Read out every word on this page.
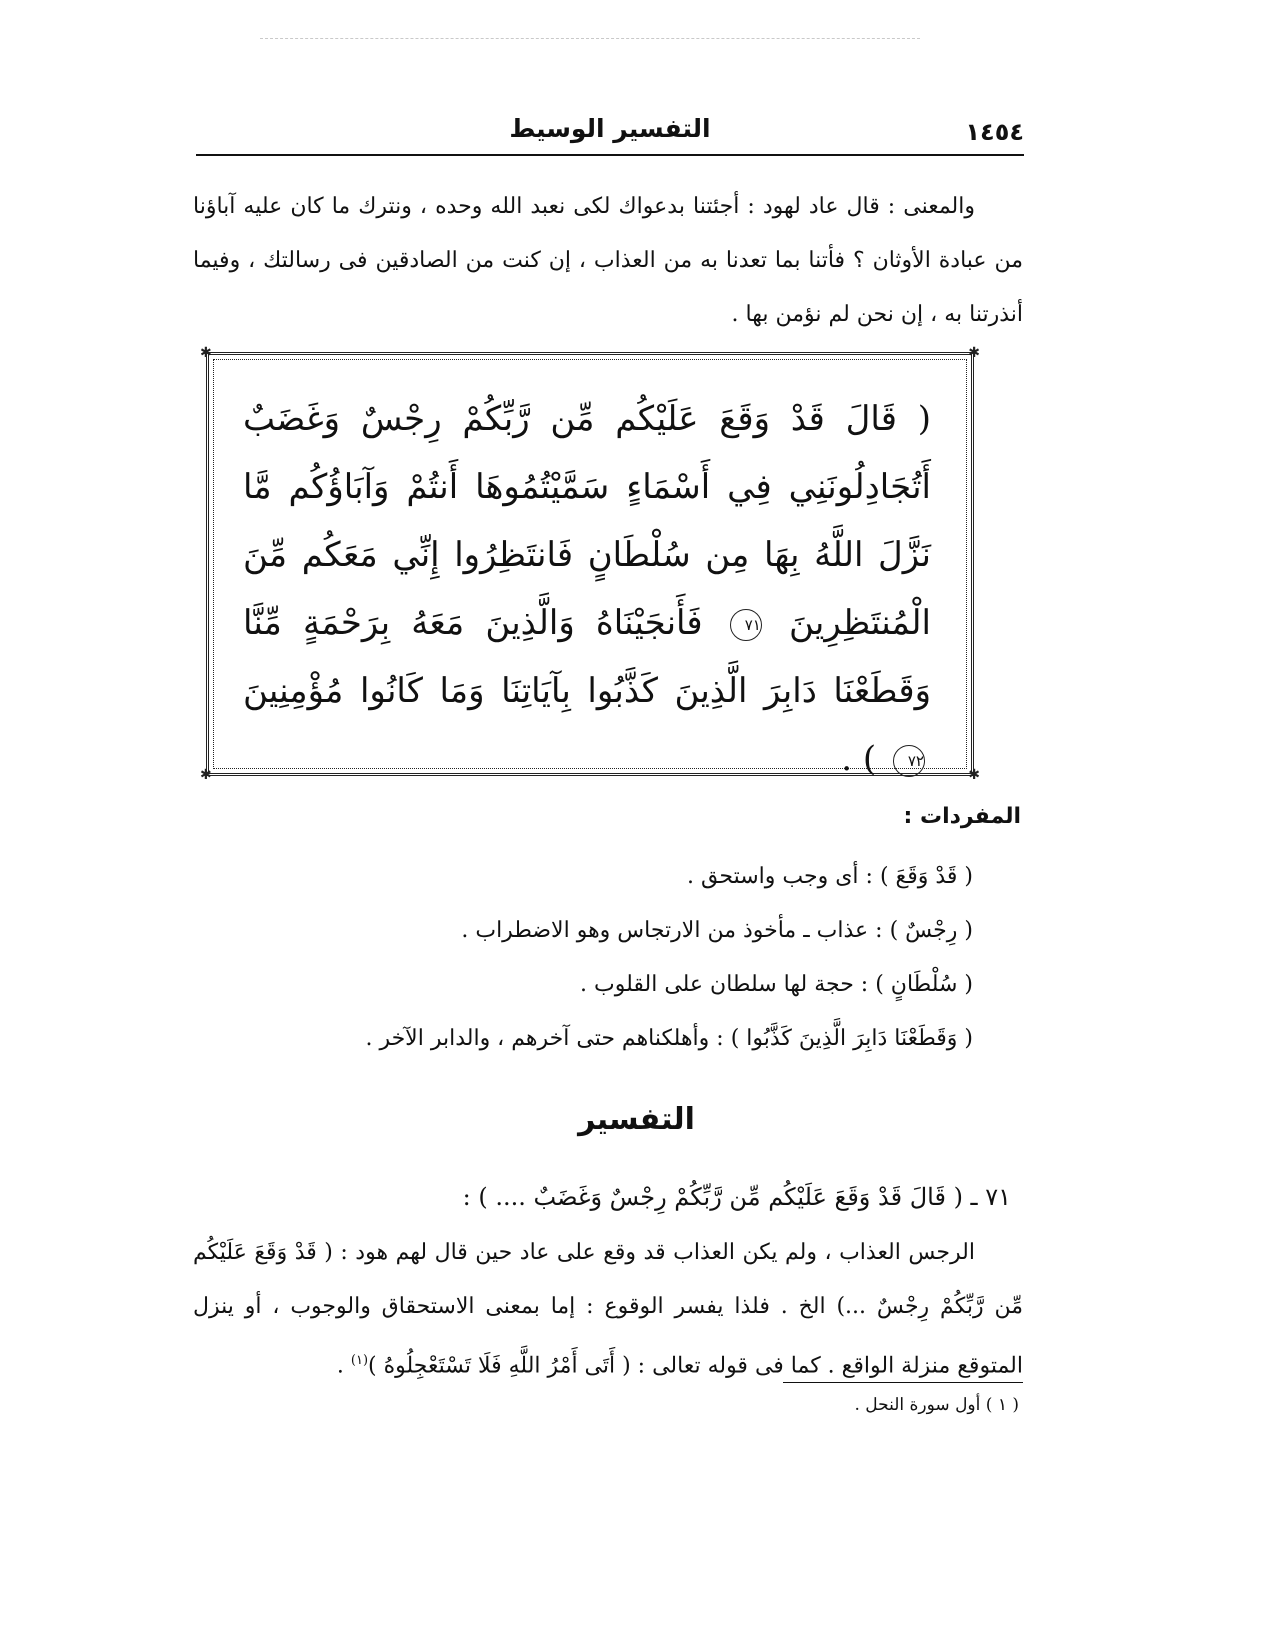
١٤٥٤
التفسير الوسيط

والمعنى : قال عاد لهود : أجئتنا بدعواك لكى نعبد الله وحده ، ونترك ما كان عليه آباؤنا من عبادة الأوثان ؟ فأتنا بما تعدنا به من العذاب ، إن كنت من الصادقين فى رسالتك ، وفيما أنذرتنا به ، إن نحن لم نؤمن بها .

✱	✱
✱	✱
( قَالَ قَدْ وَقَعَ عَلَيْكُم مِّن رَّبِّكُمْ رِجْسٌ وَغَضَبٌ أَتُجَادِلُونَنِي فِي أَسْمَاءٍ سَمَّيْتُمُوهَا أَنتُمْ وَآبَاؤُكُم مَّا نَزَّلَ اللَّهُ بِهَا مِن سُلْطَانٍ فَانتَظِرُوا إِنِّي مَعَكُم مِّنَ الْمُنتَظِرِينَ ٧١ فَأَنجَيْنَاهُ وَالَّذِينَ مَعَهُ بِرَحْمَةٍ مِّنَّا وَقَطَعْنَا دَابِرَ الَّذِينَ كَذَّبُوا بِآيَاتِنَا وَمَا كَانُوا مُؤْمِنِينَ ٧٢ ) .
المفردات :
( قَدْ وَقَعَ ) : أى وجب واستحق .
( رِجْسٌ ) : عذاب ـ مأخوذ من الارتجاس وهو الاضطراب .
( سُلْطَانٍ ) : حجة لها سلطان على القلوب .
( وَقَطَعْنَا دَابِرَ الَّذِينَ كَذَّبُوا ) : وأهلكناهم حتى آخرهم ، والدابر الآخر .
التفسير
٧١ ـ ( قَالَ قَدْ وَقَعَ عَلَيْكُم مِّن رَّبِّكُمْ رِجْسٌ وَغَضَبٌ .... ) :

الرجس العذاب ، ولم يكن العذاب قد وقع على عاد حين قال لهم هود : ( قَدْ وَقَعَ عَلَيْكُم مِّن رَّبِّكُمْ رِجْسٌ ...) الخ . فلذا يفسر الوقوع : إما بمعنى الاستحقاق والوجوب ، أو ينزل المتوقع منزلة الواقع . كما فى قوله تعالى : ( أَتَى أَمْرُ اللَّهِ فَلَا تَسْتَعْجِلُوهُ )$^{(١)}$ .

( ١ ) أول سورة النحل .
